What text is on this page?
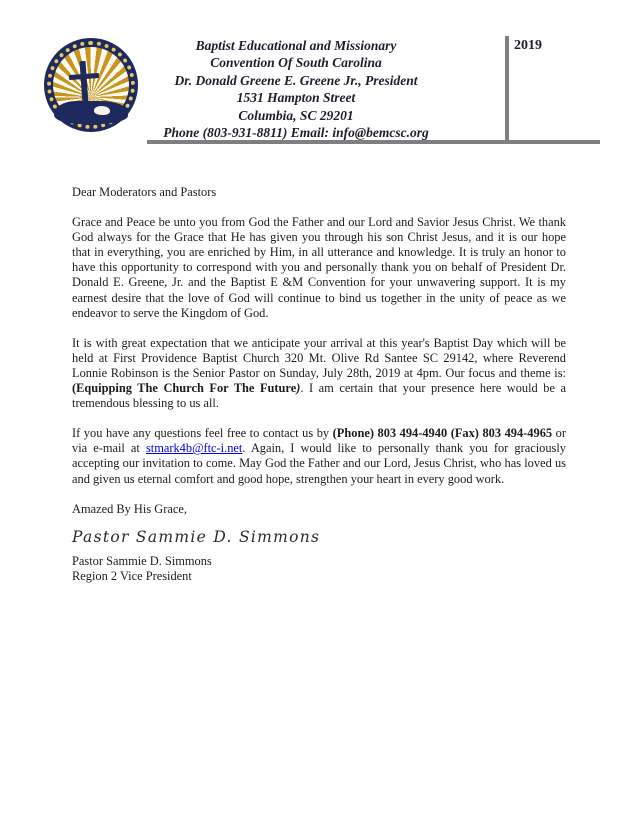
Baptist Educational and Missionary
Convention Of South Carolina
Dr. Donald Greene E. Greene Jr., President
1531 Hampton Street
Columbia, SC 29201
Phone (803-931-8811) Email: info@bemcsc.org
2019

Dear Moderators and Pastors

Grace and Peace be unto you from God the Father and our Lord and Savior Jesus Christ. We thank God always for the Grace that He has given you through his son Christ Jesus, and it is our hope that in everything, you are enriched by Him, in all utterance and knowledge. It is truly an honor to have this opportunity to correspond with you and personally thank you on behalf of President Dr. Donald E. Greene, Jr. and the Baptist E &M Convention for your unwavering support. It is my earnest desire that the love of God will continue to bind us together in the unity of peace as we endeavor to serve the Kingdom of God.

It is with great expectation that we anticipate your arrival at this year's Baptist Day which will be held at First Providence Baptist Church 320 Mt. Olive Rd Santee SC 29142, where Reverend Lonnie Robinson is the Senior Pastor on Sunday, July 28th, 2019 at 4pm. Our focus and theme is: (Equipping The Church For The Future). I am certain that your presence here would be a tremendous blessing to us all.

If you have any questions feel free to contact us by (Phone) 803 494-4940 (Fax) 803 494-4965 or via e-mail at stmark4b@ftc-i.net. Again, I would like to personally thank you for graciously accepting our invitation to come. May God the Father and our Lord, Jesus Christ, who has loved us and given us eternal comfort and good hope, strengthen your heart in every good work.

Amazed By His Grace,

Pastor Sammie D. Simmons
Pastor Sammie D. Simmons
Region 2 Vice President
